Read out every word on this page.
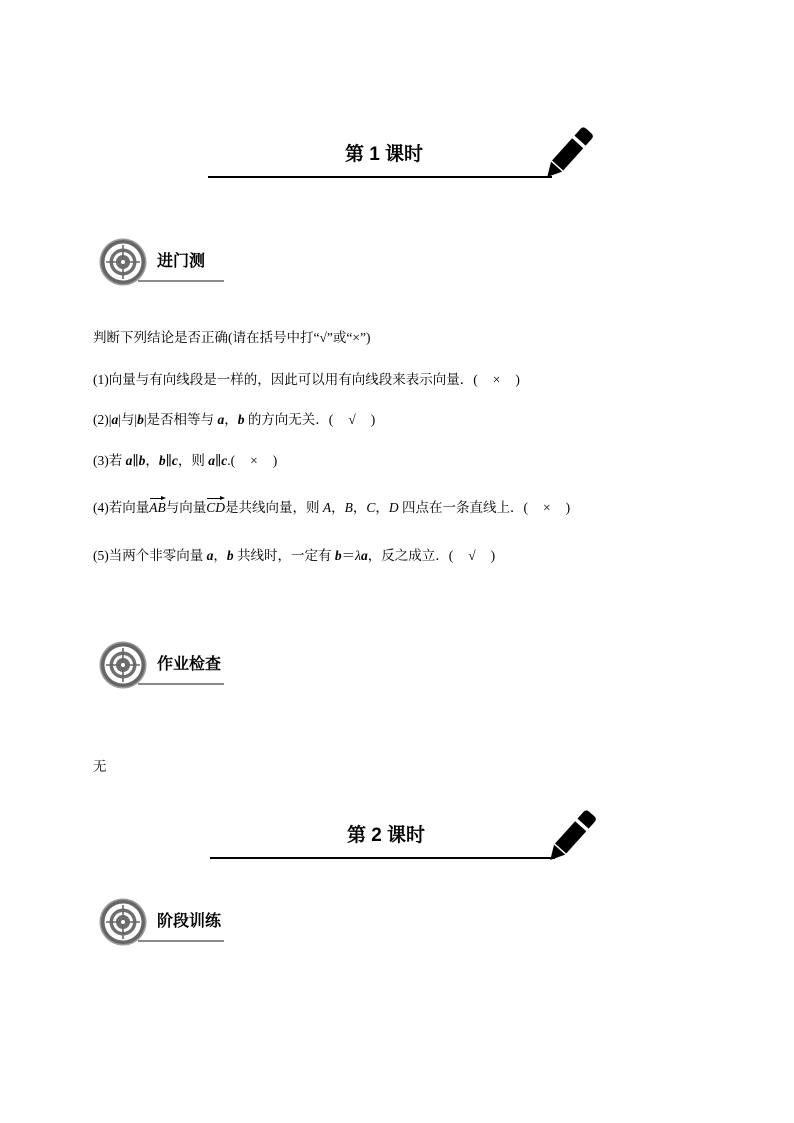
第 1 课时
进门测
判断下列结论是否正确(请在括号中打“√”或“×”)
(1)向量与有向线段是一样的，因此可以用有向线段来表示向量．( × )
(2)|a|与|b|是否相等与 a，b 的方向无关．( √ )
(3)若 a∥b，b∥c，则 a∥c.( × )
(4)若向量AB与向量CD是共线向量，则 A，B，C，D 四点在一条直线上．( × )
(5)当两个非零向量 a，b 共线时，一定有 b＝λa，反之成立．( √ )
作业检查
无
第 2 课时
阶段训练
